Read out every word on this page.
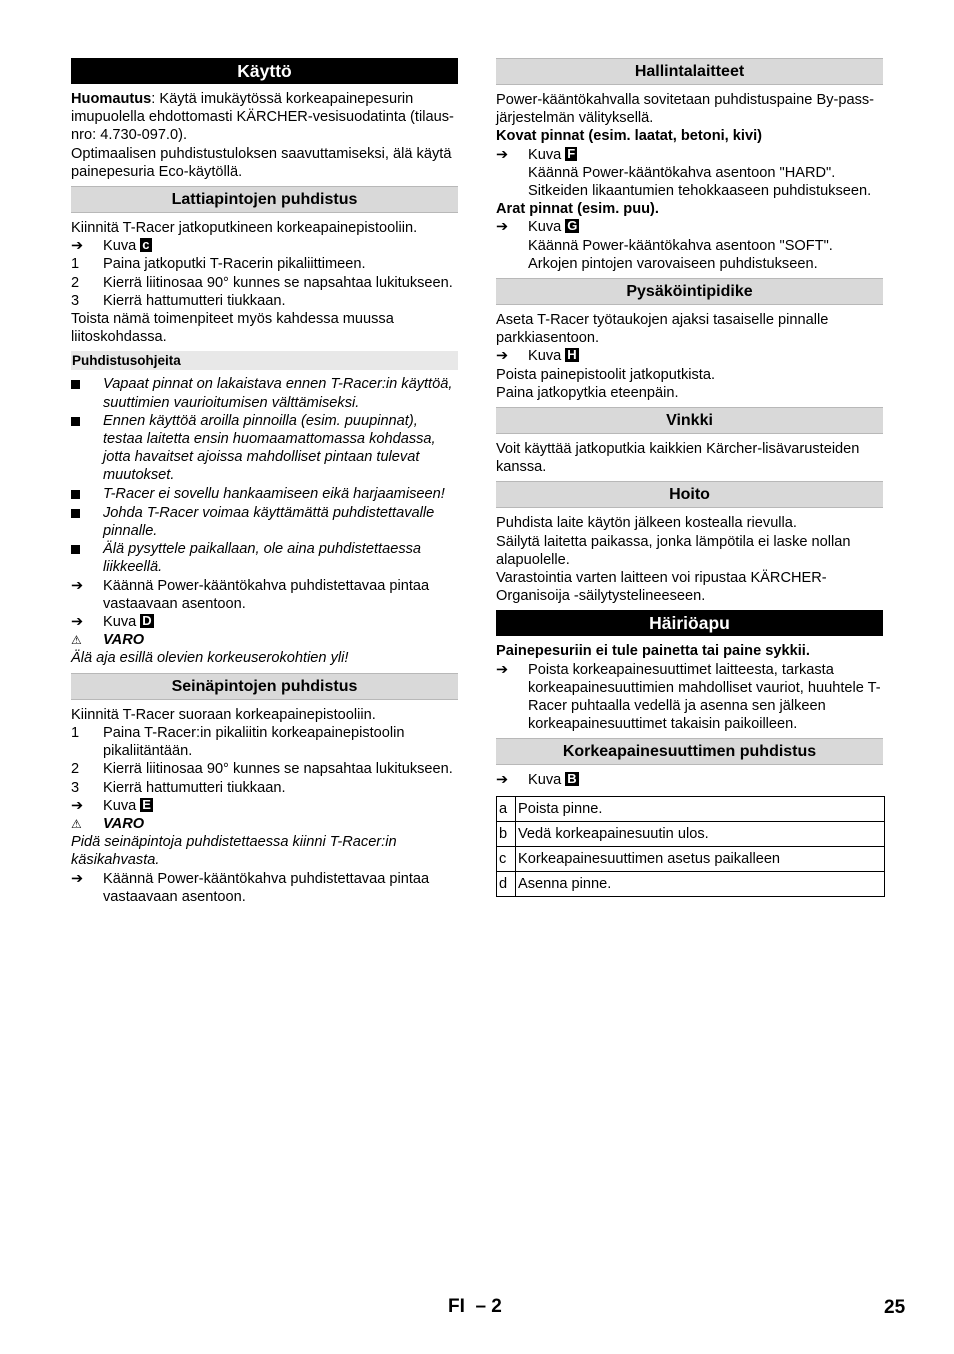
Käyttö

Huomautus: Käytä imukäytössä korkeapainepesurin imupuolella ehdottomasti KÄRCHER-vesisuodatinta (tilaus-nro: 4.730-097.0).

Optimaalisen puhdistustuloksen saavuttamiseksi, älä käytä painepesuria Eco-käytöllä.

Lattiapintojen puhdistus

Kiinnitä T-Racer jatkoputkineen korkeapainepistooliin.

➔	Kuva c
1	Paina jatkoputki T-Racerin pikaliittimeen.
2	Kierrä liitinosaa 90° kunnes se napsahtaa lukitukseen.
3	Kierrä hattumutteri tiukkaan.

Toista nämä toimenpiteet myös kahdessa muussa liitoskohdassa.

Puhdistusohjeita
Vapaat pinnat on lakaistava ennen T-Racer:in käyttöä, suuttimien vaurioitumisen välttämiseksi.
Ennen käyttöä aroilla pinnoilla (esim. puupinnat), testaa laitetta ensin huomaamattomassa kohdassa, jotta havaitset ajoissa mahdolliset pintaan tulevat muutokset.
T-Racer ei sovellu hankaamiseen eikä harjaamiseen!
Johda T-Racer voimaa käyttämättä puhdistettavalle pinnalle.
Älä pysyttele paikallaan, ole aina puhdistettaessa liikkeellä.
➔	Käännä Power-kääntökahva puhdistettavaa pintaa vastaavaan asentoon.
➔	Kuva D
⚠	VARO

Älä aja esillä olevien korkeuserokohtien yli!

Seinäpintojen puhdistus

Kiinnitä T-Racer suoraan korkeapainepistooliin.

1	Paina T-Racer:in pikaliitin korkeapainepistoolin pikaliitäntään.
2	Kierrä liitinosaa 90° kunnes se napsahtaa lukitukseen.
3	Kierrä hattumutteri tiukkaan.
➔	Kuva E
⚠	VARO

Pidä seinäpintoja puhdistettaessa kiinni T-Racer:in käsikahvasta.

➔	Käännä Power-kääntökahva puhdistettavaa pintaa vastaavaan asentoon.
Hallintalaitteet

Power-kääntökahvalla sovitetaan puhdistuspaine By-pass-järjestelmän välityksellä.

Kovat pinnat (esim. laatat, betoni, kivi)

➔	Kuva F
Käännä Power-kääntökahva asentoon "HARD". Sitkeiden likaantumien tehokkaaseen puhdistukseen.

Arat pinnat (esim. puu).

➔	Kuva G
Käännä Power-kääntökahva asentoon "SOFT". Arkojen pintojen varovaiseen puhdistukseen.
Pysäköintipidike

Aseta T-Racer työtaukojen ajaksi tasaiselle pinnalle parkkiasentoon.

➔	Kuva H

Poista painepistoolit jatkoputkista.

Paina jatkopytkia eteenpäin.

Vinkki

Voit käyttää jatkoputkia kaikkien Kärcher-lisävarusteiden kanssa.

Hoito

Puhdista laite käytön jälkeen kostealla rievulla.

Säilytä laitetta paikassa, jonka lämpötila ei laske nollan alapuolelle.

Varastointia varten laitteen voi ripustaa KÄRCHER-Organisoija -säilytystelineeseen.

Häiriöapu

Painepesuriin ei tule painetta tai paine sykkii.

➔	Poista korkeapainesuuttimet laitteesta, tarkasta korkeapainesuuttimien mahdolliset vauriot, huuhtele T-Racer puhtaalla vedellä ja asenna sen jälkeen korkeapainesuuttimet takaisin paikoilleen.
Korkeapainesuuttimen puhdistus
➔	Kuva B
a	Poista pinne.
b	Vedä korkeapainesuutin ulos.
c	Korkeapainesuuttimen asetus paikalleen
d	Asenna pinne.
FI – 2	25
